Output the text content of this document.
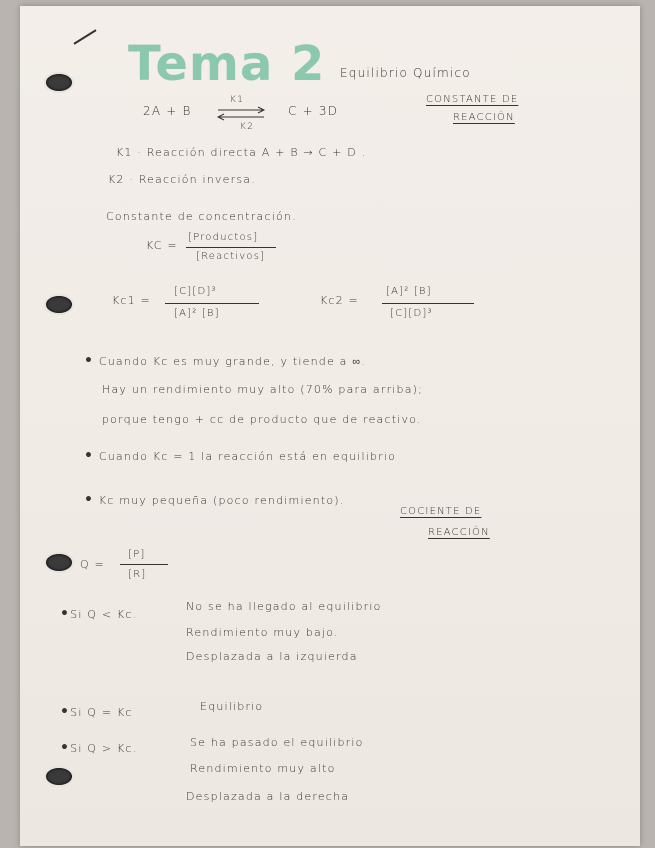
Tema 2 Equilibrio Químico
2A + B
K1
K2
C + 3D
CONSTANTE DE
REACCIÓN
K1 · Reacción directa A + B → C + D .
K2 · Reacción inversa.
Constante de concentración.
KC =
[Productos]
[Reactivos]
Kc1 =
[C][D]³
[A]² [B]
Kc2 =
[A]² [B]
[C][D]³
• Cuando Kc es muy grande, y tiende a ∞.
Hay un rendimiento muy alto (70% para arriba);
porque tengo + cc de producto que de reactivo.
• Cuando Kc = 1 la reacción está en equilibrio
• Kc muy pequeña (poco rendimiento).
COCIENTE DE
REACCIÓN
Q =
[P]
[R]
•Si Q < Kc.
No se ha llegado al equilibrio
Rendimiento muy bajo.
Desplazada a la izquierda
•Si Q = Kc	Equilibrio
•Si Q > Kc.	Se ha pasado el equilibrio
Rendimiento muy alto
Desplazada a la derecha
